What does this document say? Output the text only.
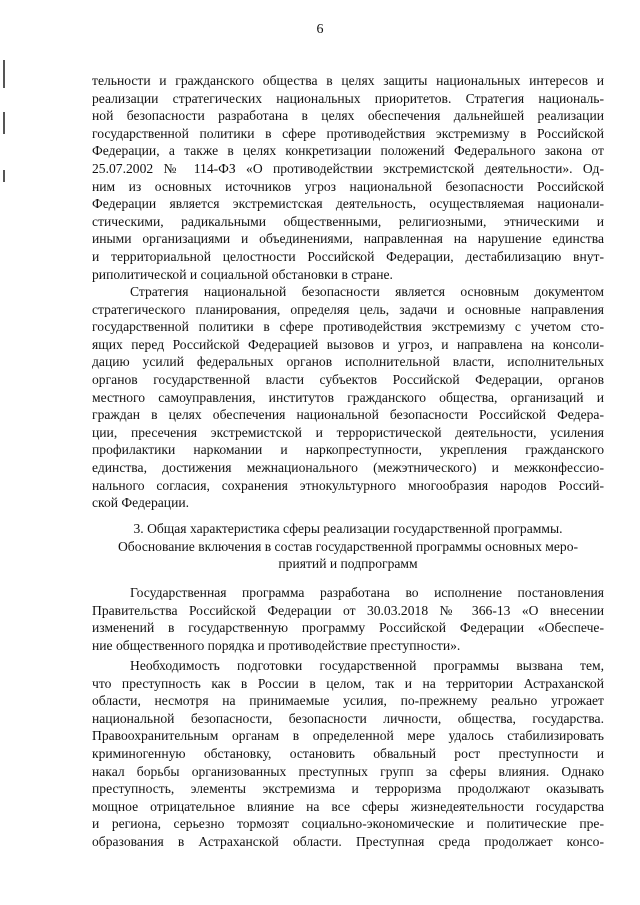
6
тельности и гражданского общества в целях защиты национальных интересов и
реализации стратегических национальных приоритетов. Стратегия националь-
ной безопасности разработана в целях обеспечения дальнейшей реализации
государственной политики в сфере противодействия экстремизму в Российской
Федерации, а также в целях конкретизации положений Федерального закона от
25.07.2002 № 114-ФЗ «О противодействии экстремистской деятельности». Од-
ним из основных источников угроз национальной безопасности Российской
Федерации является экстремистская деятельность, осуществляемая национали-
стическими, радикальными общественными, религиозными, этническими и
иными организациями и объединениями, направленная на нарушение единства
и территориальной целостности Российской Федерации, дестабилизацию внут-
риполитической и социальной обстановки в стране.
Стратегия национальной безопасности является основным документом
стратегического планирования, определяя цель, задачи и основные направления
государственной политики в сфере противодействия экстремизму с учетом сто-
ящих перед Российской Федерацией вызовов и угроз, и направлена на консоли-
дацию усилий федеральных органов исполнительной власти, исполнительных
органов государственной власти субъектов Российской Федерации, органов
местного самоуправления, институтов гражданского общества, организаций и
граждан в целях обеспечения национальной безопасности Российской Федера-
ции, пресечения экстремистской и террористической деятельности, усиления
профилактики наркомании и наркопреступности, укрепления гражданского
единства, достижения межнационального (межэтнического) и межконфессио-
нального согласия, сохранения этнокультурного многообразия народов Россий-
ской Федерации.
3. Общая характеристика сферы реализации государственной программы.
Обоснование включения в состав государственной программы основных меро-
приятий и подпрограмм
Государственная программа разработана во исполнение постановления
Правительства Российской Федерации от 30.03.2018 № 366-13 «О внесении
изменений в государственную программу Российской Федерации «Обеспече-
ние общественного порядка и противодействие преступности».
Необходимость подготовки государственной программы вызвана тем,
что преступность как в России в целом, так и на территории Астраханской
области, несмотря на принимаемые усилия, по-прежнему реально угрожает
национальной безопасности, безопасности личности, общества, государства.
Правоохранительным органам в определенной мере удалось стабилизировать
криминогенную обстановку, остановить обвальный рост преступности и
накал борьбы организованных преступных групп за сферы влияния. Однако
преступность, элементы экстремизма и терроризма продолжают оказывать
мощное отрицательное влияние на все сферы жизнедеятельности государства
и региона, серьезно тормозят социально-экономические и политические пре-
образования в Астраханской области. Преступная среда продолжает консо-
